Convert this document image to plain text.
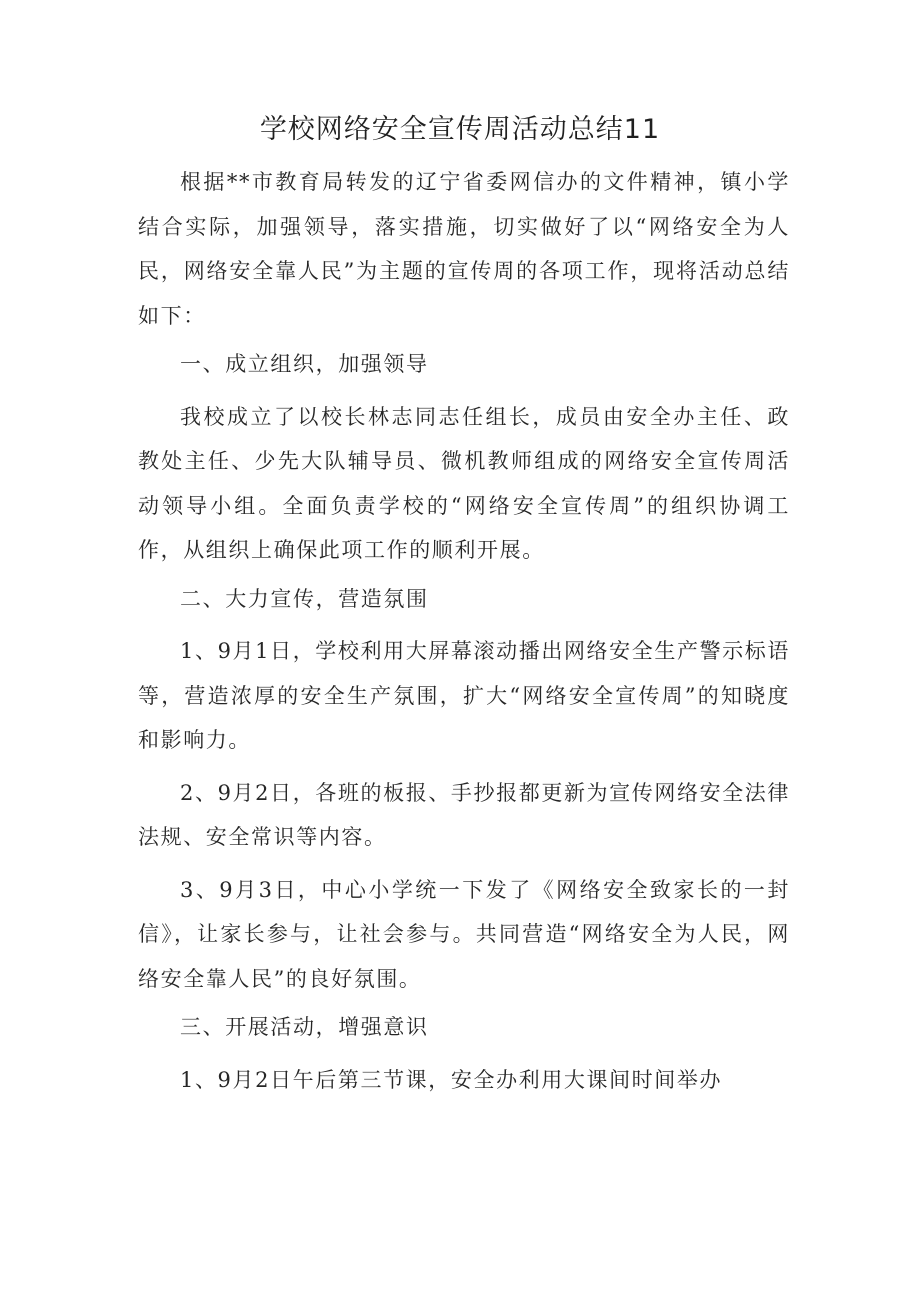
学校网络安全宣传周活动总结11

根据**市教育局转发的辽宁省委网信办的文件精神，镇小学结合实际，加强领导，落实措施，切实做好了以“网络安全为人民，网络安全靠人民”为主题的宣传周的各项工作，现将活动总结如下：

一、成立组织，加强领导

我校成立了以校长林志同志任组长，成员由安全办主任、政教处主任、少先大队辅导员、微机教师组成的网络安全宣传周活动领导小组。全面负责学校的“网络安全宣传周”的组织协调工作，从组织上确保此项工作的顺利开展。

二、大力宣传，营造氛围

1、9月1日，学校利用大屏幕滚动播出网络安全生产警示标语等，营造浓厚的安全生产氛围，扩大“网络安全宣传周”的知晓度和影响力。

2、9月2日，各班的板报、手抄报都更新为宣传网络安全法律法规、安全常识等内容。

3、9月3日，中心小学统一下发了《网络安全致家长的一封信》，让家长参与，让社会参与。共同营造“网络安全为人民，网络安全靠人民”的良好氛围。

三、开展活动，增强意识

1、9月2日午后第三节课，安全办利用大课间时间举办
